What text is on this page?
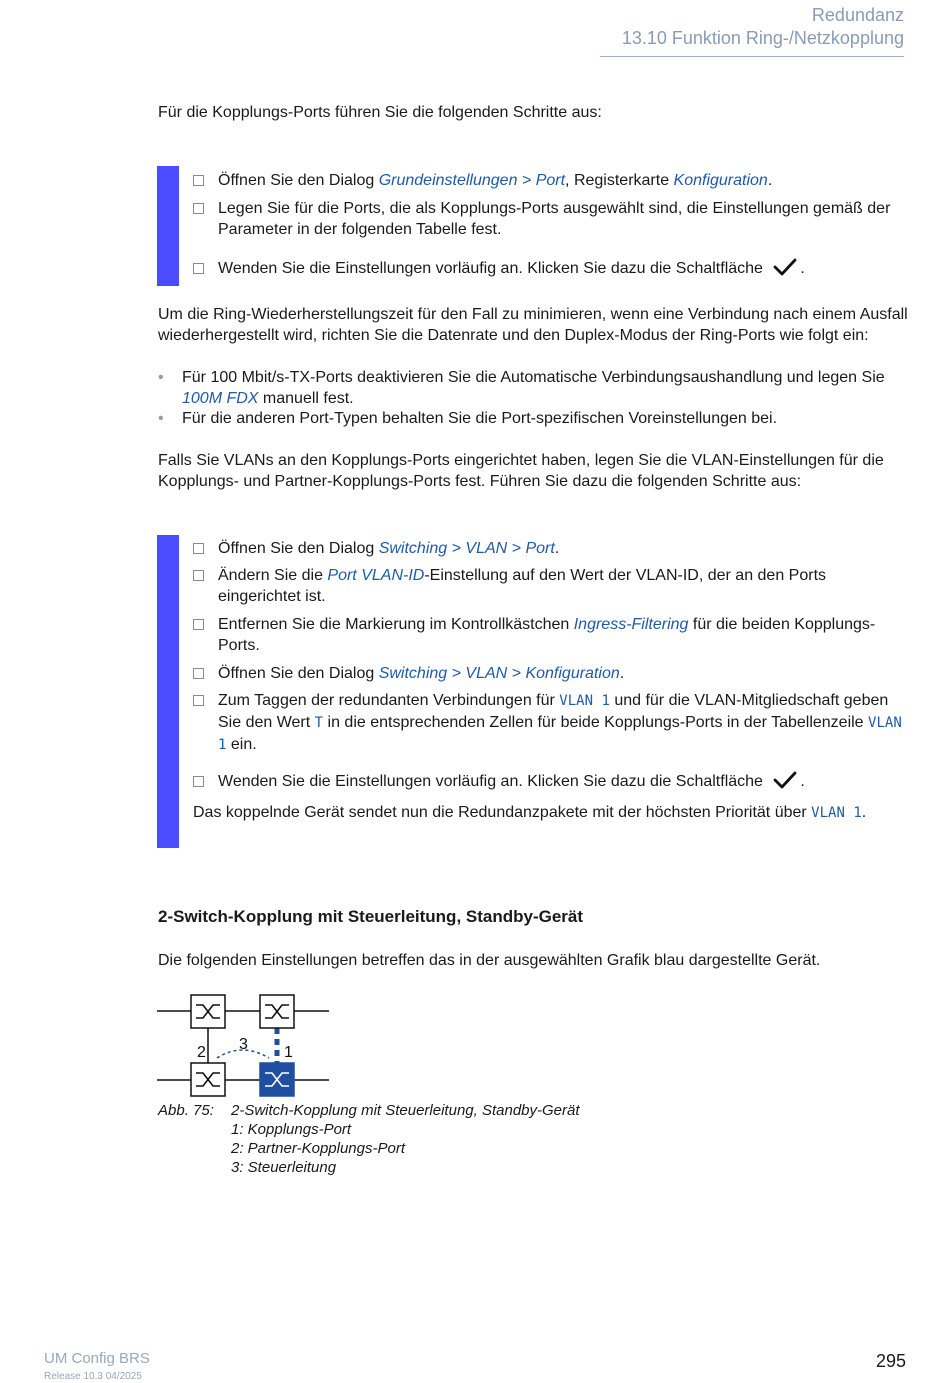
Redundanz
13.10 Funktion Ring-/Netzkopplung
Für die Kopplungs-Ports führen Sie die folgenden Schritte aus:
Öffnen Sie den Dialog Grundeinstellungen > Port, Registerkarte Konfiguration.
Legen Sie für die Ports, die als Kopplungs-Ports ausgewählt sind, die Einstellungen gemäß der Parameter in der folgenden Tabelle fest.
Wenden Sie die Einstellungen vorläufig an. Klicken Sie dazu die Schaltfläche .
Um die Ring-Wiederherstellungszeit für den Fall zu minimieren, wenn eine Verbindung nach einem Ausfall wiederhergestellt wird, richten Sie die Datenrate und den Duplex-Modus der Ring-Ports wie folgt ein:
•	Für 100 Mbit/s-TX-Ports deaktivieren Sie die Automatische Verbindungsaushandlung und legen Sie 100M FDX manuell fest.
•	Für die anderen Port-Typen behalten Sie die Port-spezifischen Voreinstellungen bei.
Falls Sie VLANs an den Kopplungs-Ports eingerichtet haben, legen Sie die VLAN-Einstellungen für die Kopplungs- und Partner-Kopplungs-Ports fest. Führen Sie dazu die folgenden Schritte aus:
Öffnen Sie den Dialog Switching > VLAN > Port.
Ändern Sie die Port VLAN-ID-Einstellung auf den Wert der VLAN-ID, der an den Ports eingerichtet ist.
Entfernen Sie die Markierung im Kontrollkästchen Ingress-Filtering für die beiden Kopplungs-Ports.
Öffnen Sie den Dialog Switching > VLAN > Konfiguration.
Zum Taggen der redundanten Verbindungen für VLAN 1 und für die VLAN-Mitgliedschaft geben Sie den Wert T in die entsprechenden Zellen für beide Kopplungs-Ports in der Tabellenzeile VLAN 1 ein.
Wenden Sie die Einstellungen vorläufig an. Klicken Sie dazu die Schaltfläche .
Das koppelnde Gerät sendet nun die Redundanzpakete mit der höchsten Priorität über VLAN 1.
2-Switch-Kopplung mit Steuerleitung, Standby-Gerät
Die folgenden Einstellungen betreffen das in der ausgewählten Grafik blau dargestellte Gerät.
2 3 1
Abb. 75: 2-Switch-Kopplung mit Steuerleitung, Standby-Gerät
1: Kopplungs-Port
2: Partner-Kopplungs-Port
3: Steuerleitung
UM Config BRS
Release 10.3 04/2025
295
